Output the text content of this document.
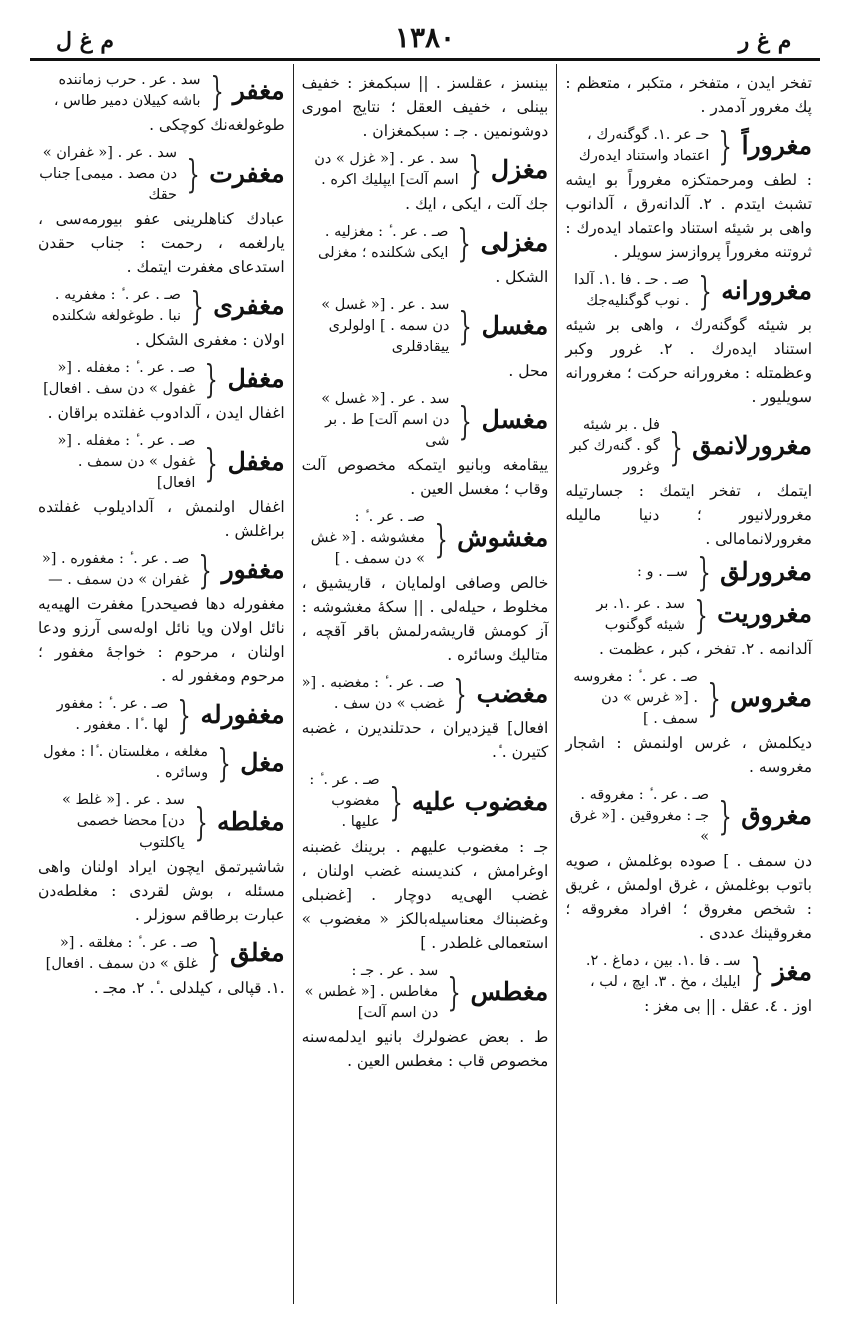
م غ ر
١٣٨٠
م غ ل

تفخر ایدن ، متفخر ، متکبر ، متعظم : پك مغرور آدمدر .

مغروراً
{
حـ عر .١. گوگنه‌رك ، اعتماد واستناد ایده‌رك

: لطف ومرحمتکزه مغروراً بو ایشه تشبث ایتدم . ٢. آلدانه‌رق ، آلدانوب واهی بر شیئه استناد واعتماد ایده‌رك : ثروتنه مغروراً پروازسز سویلر .

مغرورانه
{
صـ . حـ . فا .١. آلدا . نوب گوگنلیه‌جك

بر شیئه گوگنه‌رك ، واهی بر شیئه استناد ایده‌رك . ٢. غرور وکبر وعظمتله : مغرورانه حرکت ؛ مغرورانه سویلیور .

مغرورلانمق
{
فل . بر شیئه گو . گنه‌رك کبر وغرور

ایتمك ، تفخر ایتمك : جسارتیله مغرورلانیور ؛ دنیا مالیله مغرورلانمامالی .

مغرورلق
{
ســ . و :
مغروریت
{
سد . عر .١. بر شیئه گوگنوب

آلدانمه . ٢. تفخر ، کبر ، عظمت .

مغروس
{
صـ . عر . ٔ : مغروسه . [« غرس » دن سمف . ]

دیکلمش ، غرس اولنمش : اشجار مغروسه .

مغروق
{
صـ . عر . ٔ : مغروقه . جـ : مغروقین . [« غرق »

دن سمف . ] صوده بوغلمش ، صویه باتوب بوغلمش ، غرق اولمش ، غریق : شخص مغروق ؛ افراد مغروقه ؛ مغروقینك عددی .

مغز
{
سـ . فا .١. بین ، دماغ . ٢. ایلیك ، مخ . ٣. ایچ ، لب ،

اوز . ٤. عقل . || بی مغز :

بینسز ، عقلسز . || سبکمغز : خفیف بینلی ، خفیف العقل ؛ نتایج اموری دوشونمین . جـ : سبکمغزان .

مغزل
{
سد . عر . [« غزل » دن اسم آلت] ایپلیك اکره .

جك آلت ، ایکی ، ایك .

مغزلی
{
صـ . عر . ٔ : مغزلیه . ایکی شکلنده ؛ مغزلی

الشکل .

مغسل
{
سد . عر . [« غسل » دن سمه . ] اولولری ییقادقلری

محل .

مغسل
{
سد . عر . [« غسل » دن اسم آلت] ط . بر شی

ییقامغه وبانیو ایتمکه مخصوص آلت وقاب ؛ مغسل العین .

مغشوش
{
صـ . عر . ٔ : مغشوشه . [« غش » دن سمف . ]

خالص وصافی اولمایان ، قاریشیق ، مخلوط ، حیله‌لی . || سکهٔ مغشوشه : آز کومش قاریشه‌رلمش باقر آقچه ، متالیك وسائره .

مغضب
{
صـ . عر . ٔ : مغضبه . [« غضب » دن سف .

افعال] قیزدیران ، حدتلندیرن ، غضبه کتیرن . ٔ.

مغضوب علیه
{
صـ . عر . ٔ : مغضوب علیها .

جـ : مغضوب علیهم . برینك غضبنه اوغرامش ، کندیسنه غضب اولنان ، غضب الهی‌یه دوچار . [غضبلی وغضبناك معناسیله‌بالکز « مغضوب » استعمالی غلطدر . ]

مغطس
{
سد . عر . جـ : مغاطس . [« غطس » دن اسم آلت]

ط . بعض عضولرك بانیو ایدلمه‌سنه مخصوص قاب : مغطس العین .

مغفر
{
سد . عر . حرب زماننده باشه کییلان دمیر طاس ،

طوغولغه‌نك کوچکی .

مغفرت
{
سد . عر . [« غفران » دن مصد . میمی] جناب حقك

عبادك کناهلرینی عفو بیورمه‌سی ، یارلغمه ، رحمت : جناب حقدن استدعای مغفرت ایتمك .

مغفری
{
صـ . عر . ٔ : مغفریه . نبا . طوغولغه شکلنده

اولان : مغفری الشکل .

مغفل
{
صـ . عر . ٔ : مغفله . [« غفول » دن سف . افعال]

اغفال ایدن ، آلدادوب غفلتده براقان .

مغفل
{
صـ . عر . ٔ : مغفله . [« غفول » دن سمف . افعال]

اغفال اولنمش ، آلدادیلوب غفلتده براغلش .

مغفور
{
صـ . عر . ٔ : مغفوره . [« غفران » دن سمف . —

مغفورله دها فصیحدر] مغفرت الهیه‌یه نائل اولان ویا نائل اوله‌سی آرزو ودعا اولنان ، مرحوم : خواجهٔ مغفور ؛ مرحوم ومغفور له .

مغفورله
{
صـ . عر . ٔ : مغفور لها . ٔا . مغفور .
مغل
{
مغلغه ، مغلستان . ٔا : مغول وسائره .
مغلطه
{
سد . عر . [« غلط » دن] محضا خصمی یاکلتوب

شاشیرتمق ایچون ایراد اولنان واهی مسئله ، بوش لقردی : مغلطه‌دن عبارت برطاقم سوزلر .

مغلق
{
صـ . عر . ٔ : مغلقه . [« غلق » دن سمف . افعال]

.١. قپالی ، کیلدلی . ٔ. ٢. مجـ .
